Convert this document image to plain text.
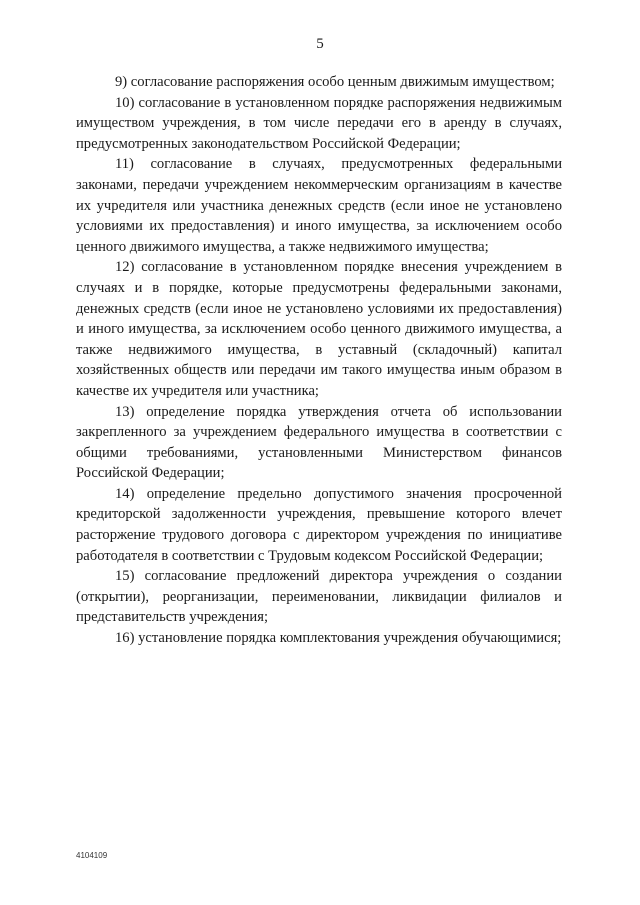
5

9) согласование распоряжения особо ценным движимым имуществом;

10) согласование в установленном порядке распоряжения недвижимым имуществом учреждения, в том числе передачи его в аренду в случаях, предусмотренных законодательством Российской Федерации;

11) согласование в случаях, предусмотренных федеральными законами, передачи учреждением некоммерческим организациям в качестве их учредителя или участника денежных средств (если иное не установлено условиями их предоставления) и иного имущества, за исключением особо ценного движимого имущества, а также недвижимого имущества;

12) согласование в установленном порядке внесения учреждением в случаях и в порядке, которые предусмотрены федеральными законами, денежных средств (если иное не установлено условиями их предоставления) и иного имущества, за исключением особо ценного движимого имущества, а также недвижимого имущества, в уставный (складочный) капитал хозяйственных обществ или передачи им такого имущества иным образом в качестве их учредителя или участника;

13) определение порядка утверждения отчета об использовании закрепленного за учреждением федерального имущества в соответствии с общими требованиями, установленными Министерством финансов Российской Федерации;

14) определение предельно допустимого значения просроченной кредиторской задолженности учреждения, превышение которого влечет расторжение трудового договора с директором учреждения по инициативе работодателя в соответствии с Трудовым кодексом Российской Федерации;

15) согласование предложений директора учреждения о создании (открытии), реорганизации, переименовании, ликвидации филиалов и представительств учреждения;

16) установление порядка комплектования учреждения обучающимися;

4104109
